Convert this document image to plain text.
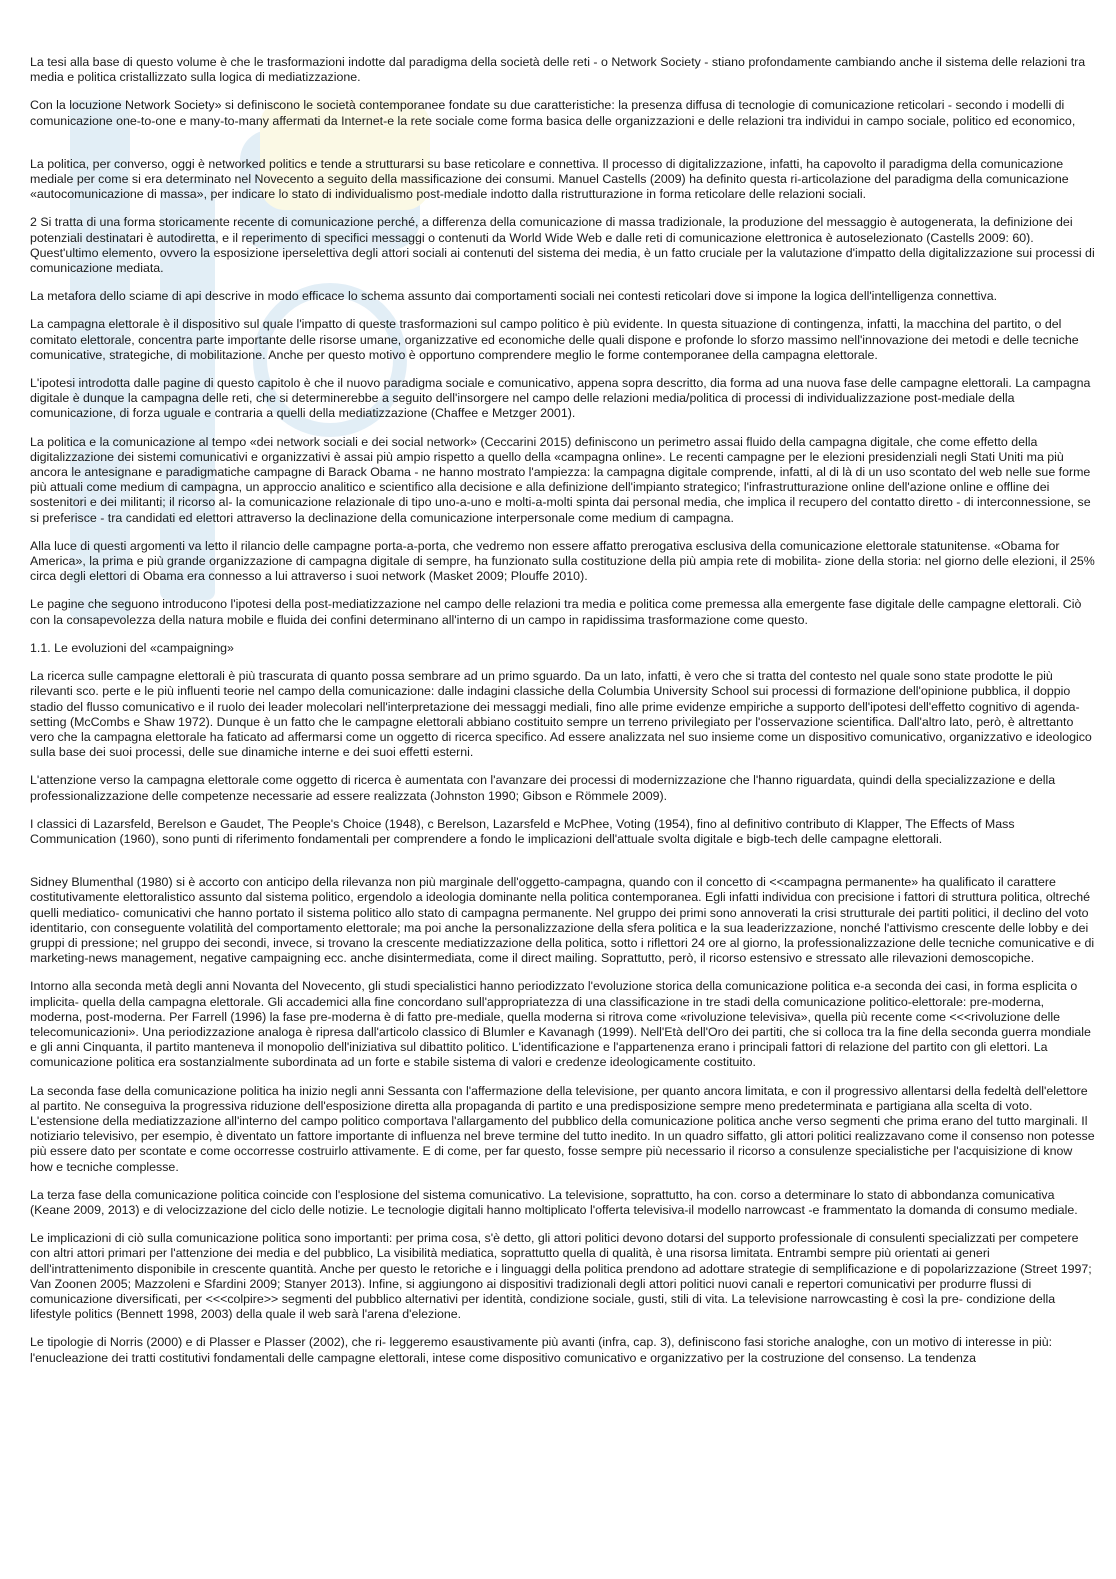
La tesi alla base di questo volume è che le trasformazioni indotte dal paradigma della società delle reti - o Network Society - stiano profondamente cambiando anche il sistema delle relazioni tra media e politica cristallizzato sulla logica di mediatizzazione.

Con la locuzione Network Society» si definiscono le società contemporanee fondate su due caratteristiche: la presenza diffusa di tecnologie di comunicazione reticolari - secondo i modelli di comunicazione one-to-one e many-to-many affermati da Internet-e la rete sociale come forma basica delle organizzazioni e delle relazioni tra individui in campo sociale, politico ed economico,

La politica, per converso, oggi è networked politics e tende a strutturarsi su base reticolare e connettiva. Il processo di digitalizzazione, infatti, ha capovolto il paradigma della comunicazione mediale per come si era determinato nel Novecento a seguito della massificazione dei consumi. Manuel Castells (2009) ha definito questa ri-articolazione del paradigma della comunicazione «autocomunicazione di massa», per indicare lo stato di individualismo post-mediale indotto dalla ristrutturazione in forma reticolare delle relazioni sociali.

2 Si tratta di una forma storicamente recente di comunicazione perché, a differenza della comunicazione di massa tradizionale, la produzione del messaggio è autogenerata, la definizione dei potenziali destinatari è autodiretta, e il reperimento di specifici messaggi o contenuti da World Wide Web e dalle reti di comunicazione elettronica è autoselezionato (Castells 2009: 60). Quest'ultimo elemento, ovvero la esposizione iperselettiva degli attori sociali ai contenuti del sistema dei media, è un fatto cruciale per la valutazione d'impatto della digitalizzazione sui processi di comunicazione mediata.

La metafora dello sciame di api descrive in modo efficace lo schema assunto dai comportamenti sociali nei contesti reticolari dove si impone la logica dell'intelligenza connettiva.

La campagna elettorale è il dispositivo sul quale l'impatto di queste trasformazioni sul campo politico è più evidente. In questa situazione di contingenza, infatti, la macchina del partito, o del comitato elettorale, concentra parte importante delle risorse umane, organizzative ed economiche delle quali dispone e profonde lo sforzo massimo nell'innovazione dei metodi e delle tecniche comunicative, strategiche, di mobilitazione. Anche per questo motivo è opportuno comprendere meglio le forme contemporanee della campagna elettorale.

L'ipotesi introdotta dalle pagine di questo capitolo è che il nuovo paradigma sociale e comunicativo, appena sopra descritto, dia forma ad una nuova fase delle campagne elettorali. La campagna digitale è dunque la campagna delle reti, che si determinerebbe a seguito dell'insorgere nel campo delle relazioni media/politica di processi di individualizzazione post-mediale della comunicazione, di forza uguale e contraria a quelli della mediatizzazione (Chaffee e Metzger 2001).

La politica e la comunicazione al tempo «dei network sociali e dei social network» (Ceccarini 2015) definiscono un perimetro assai fluido della campagna digitale, che come effetto della digitalizzazione dei sistemi comunicativi e organizzativi è assai più ampio rispetto a quello della «campagna online». Le recenti campagne per le elezioni presidenziali negli Stati Uniti ma più ancora le antesignane e paradigmatiche campagne di Barack Obama - ne hanno mostrato l'ampiezza: la campagna digitale comprende, infatti, al di là di un uso scontato del web nelle sue forme più attuali come medium di campagna, un approccio analitico e scientifico alla decisione e alla definizione dell'impianto strategico; l'infrastrutturazione online dell'azione online e offline dei sostenitori e dei militanti; il ricorso al- la comunicazione relazionale di tipo uno-a-uno e molti-a-molti spinta dai personal media, che implica il recupero del contatto diretto - di interconnessione, se si preferisce - tra candidati ed elettori attraverso la declinazione della comunicazione interpersonale come medium di campagna.

Alla luce di questi argomenti va letto il rilancio delle campagne porta-a-porta, che vedremo non essere affatto prerogativa esclusiva della comunicazione elettorale statunitense. «Obama for America», la prima e più grande organizzazione di campagna digitale di sempre, ha funzionato sulla costituzione della più ampia rete di mobilita- zione della storia: nel giorno delle elezioni, il 25% circa degli elettori di Obama era connesso a lui attraverso i suoi network (Masket 2009; Plouffe 2010).

Le pagine che seguono introducono l'ipotesi della post-mediatizzazione nel campo delle relazioni tra media e politica come premessa alla emergente fase digitale delle campagne elettorali. Ciò con la consapevolezza della natura mobile e fluida dei confini determinano all'interno di un campo in rapidissima trasformazione come questo.

1.1. Le evoluzioni del «campaigning»

La ricerca sulle campagne elettorali è più trascurata di quanto possa sembrare ad un primo sguardo. Da un lato, infatti, è vero che si tratta del contesto nel quale sono state prodotte le più rilevanti sco. perte e le più influenti teorie nel campo della comunicazione: dalle indagini classiche della Columbia University School sui processi di formazione dell'opinione pubblica, il doppio stadio del flusso comunicativo e il ruolo dei leader molecolari nell'interpretazione dei messaggi mediali, fino alle prime evidenze empiriche a supporto dell'ipotesi dell'effetto cognitivo di agenda-setting (McCombs e Shaw 1972). Dunque è un fatto che le campagne elettorali abbiano costituito sempre un terreno privilegiato per l'osservazione scientifica. Dall'altro lato, però, è altrettanto vero che la campagna elettorale ha faticato ad affermarsi come un oggetto di ricerca specifico. Ad essere analizzata nel suo insieme come un dispositivo comunicativo, organizzativo e ideologico sulla base dei suoi processi, delle sue dinamiche interne e dei suoi effetti esterni.

L'attenzione verso la campagna elettorale come oggetto di ricerca è aumentata con l'avanzare dei processi di modernizzazione che l'hanno riguardata, quindi della specializzazione e della professionalizzazione delle competenze necessarie ad essere realizzata (Johnston 1990; Gibson e Römmele 2009).

I classici di Lazarsfeld, Berelson e Gaudet, The People's Choice (1948), c Berelson, Lazarsfeld e McPhee, Voting (1954), fino al definitivo contributo di Klapper, The Effects of Mass Communication (1960), sono punti di riferimento fondamentali per comprendere a fondo le implicazioni dell'attuale svolta digitale e bigb-tech delle campagne elettorali.

Sidney Blumenthal (1980) si è accorto con anticipo della rilevanza non più marginale dell'oggetto-campagna, quando con il concetto di <<campagna permanente» ha qualificato il carattere costitutivamente elettoralistico assunto dal sistema politico, ergendolo a ideologia dominante nella politica contemporanea. Egli infatti individua con precisione i fattori di struttura politica, oltreché quelli mediatico- comunicativi che hanno portato il sistema politico allo stato di campagna permanente. Nel gruppo dei primi sono annoverati la crisi strutturale dei partiti politici, il declino del voto identitario, con conseguente volatilità del comportamento elettorale; ma poi anche la personalizzazione della sfera politica e la sua leaderizzazione, nonché l'attivismo crescente delle lobby e dei gruppi di pressione; nel gruppo dei secondi, invece, si trovano la crescente mediatizzazione della politica, sotto i riflettori 24 ore al giorno, la professionalizzazione delle tecniche comunicative e di marketing-news management, negative campaigning ecc. anche disintermediata, come il direct mailing. Soprattutto, però, il ricorso estensivo e stressato alle rilevazioni demoscopiche.

Intorno alla seconda metà degli anni Novanta del Novecento, gli studi specialistici hanno periodizzato l'evoluzione storica della comunicazione politica e-a seconda dei casi, in forma esplicita o implicita- quella della campagna elettorale. Gli accademici alla fine concordano sull'appropriatezza di una classificazione in tre stadi della comunicazione politico-elettorale: pre-moderna, moderna, post-moderna. Per Farrell (1996) la fase pre-moderna è di fatto pre-mediale, quella moderna si ritrova come «rivoluzione televisiva», quella più recente come <<<rivoluzione delle telecomunicazioni». Una periodizzazione analoga è ripresa dall'articolo classico di Blumler e Kavanagh (1999). Nell'Età dell'Oro dei partiti, che si colloca tra la fine della seconda guerra mondiale e gli anni Cinquanta, il partito manteneva il monopolio dell'iniziativa sul dibattito politico. L'identificazione e l'appartenenza erano i principali fattori di relazione del partito con gli elettori. La comunicazione politica era sostanzialmente subordinata ad un forte e stabile sistema di valori e credenze ideologicamente costituito.

La seconda fase della comunicazione politica ha inizio negli anni Sessanta con l'affermazione della televisione, per quanto ancora limitata, e con il progressivo allentarsi della fedeltà dell'elettore al partito. Ne conseguiva la progressiva riduzione dell'esposizione diretta alla propaganda di partito e una predisposizione sempre meno predeterminata e partigiana alla scelta di voto. L'estensione della mediatizzazione all'interno del campo politico comportava l'allargamento del pubblico della comunicazione politica anche verso segmenti che prima erano del tutto marginali. Il notiziario televisivo, per esempio, è diventato un fattore importante di influenza nel breve termine del tutto inedito. In un quadro siffatto, gli attori politici realizzavano come il consenso non potesse più essere dato per scontate e come occorresse costruirlo attivamente. E di come, per far questo, fosse sempre più necessario il ricorso a consulenze specialistiche per l'acquisizione di know how e tecniche complesse.

La terza fase della comunicazione politica coincide con l'esplosione del sistema comunicativo. La televisione, soprattutto, ha con. corso a determinare lo stato di abbondanza comunicativa (Keane 2009, 2013) e di velocizzazione del ciclo delle notizie. Le tecnologie digitali hanno moltiplicato l'offerta televisiva-il modello narrowcast -e frammentato la domanda di consumo mediale.

Le implicazioni di ciò sulla comunicazione politica sono importanti: per prima cosa, s'è detto, gli attori politici devono dotarsi del supporto professionale di consulenti specializzati per competere con altri attori primari per l'attenzione dei media e del pubblico, La visibilità mediatica, soprattutto quella di qualità, è una risorsa limitata. Entrambi sempre più orientati ai generi dell'intrattenimento disponibile in crescente quantità. Anche per questo le retoriche e i linguaggi della politica prendono ad adottare strategie di semplificazione e di popolarizzazione (Street 1997; Van Zoonen 2005; Mazzoleni e Sfardini 2009; Stanyer 2013). Infine, si aggiungono ai dispositivi tradizionali degli attori politici nuovi canali e repertori comunicativi per produrre flussi di comunicazione diversificati, per <<<colpire>> segmenti del pubblico alternativi per identità, condizione sociale, gusti, stili di vita. La televisione narrowcasting è così la pre- condizione della lifestyle politics (Bennett 1998, 2003) della quale il web sarà l'arena d'elezione.

Le tipologie di Norris (2000) e di Plasser e Plasser (2002), che ri- leggeremo esaustivamente più avanti (infra, cap. 3), definiscono fasi storiche analoghe, con un motivo di interesse in più: l'enucleazione dei tratti costitutivi fondamentali delle campagne elettorali, intese come dispositivo comunicativo e organizzativo per la costruzione del consenso. La tendenza
